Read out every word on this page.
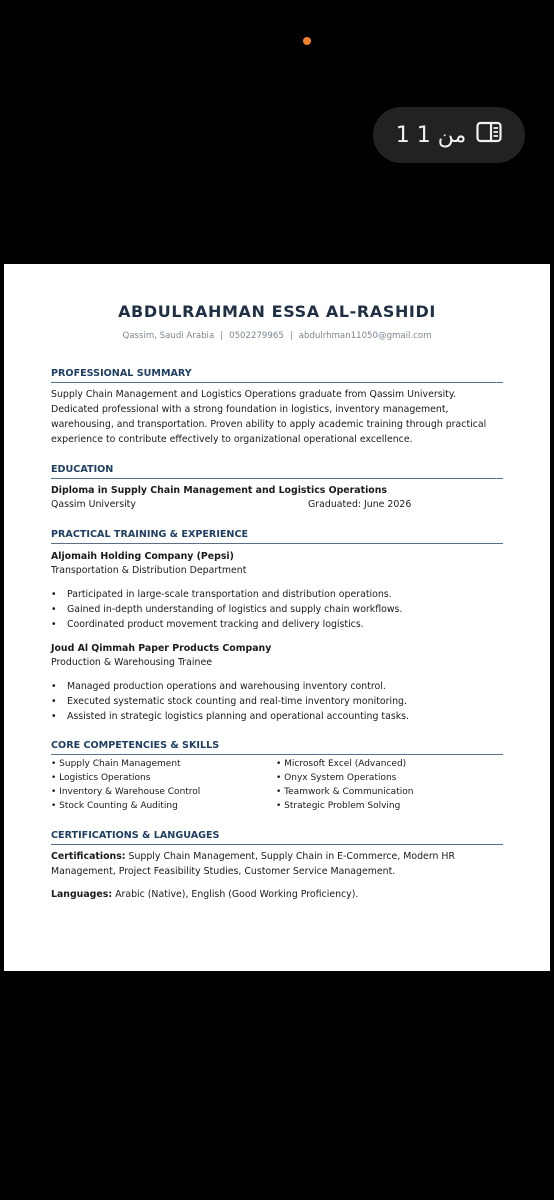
1 من 1
ABDULRAHMAN ESSA AL-RASHIDI
Qassim, Saudi Arabia | 0502279965 | abdulrhman11050@gmail.com
PROFESSIONAL SUMMARY
Supply Chain Management and Logistics Operations graduate from Qassim University. Dedicated professional with a strong foundation in logistics, inventory management, warehousing, and transportation. Proven ability to apply academic training through practical experience to contribute effectively to organizational operational excellence.
EDUCATION
Diploma in Supply Chain Management and Logistics Operations
Qassim University	Graduated: June 2026
PRACTICAL TRAINING & EXPERIENCE
Aljomaih Holding Company (Pepsi)
Transportation & Distribution Department
• Participated in large-scale transportation and distribution operations.
• Gained in-depth understanding of logistics and supply chain workflows.
• Coordinated product movement tracking and delivery logistics.
Joud Al Qimmah Paper Products Company
Production & Warehousing Trainee
• Managed production operations and warehousing inventory control.
• Executed systematic stock counting and real-time inventory monitoring.
• Assisted in strategic logistics planning and operational accounting tasks.
CORE COMPETENCIES & SKILLS
• Supply Chain Management
• Logistics Operations
• Inventory & Warehouse Control
• Stock Counting & Auditing
• Microsoft Excel (Advanced)
• Onyx System Operations
• Teamwork & Communication
• Strategic Problem Solving
CERTIFICATIONS & LANGUAGES
Certifications: Supply Chain Management, Supply Chain in E-Commerce, Modern HR Management, Project Feasibility Studies, Customer Service Management.
Languages: Arabic (Native), English (Good Working Proficiency).
